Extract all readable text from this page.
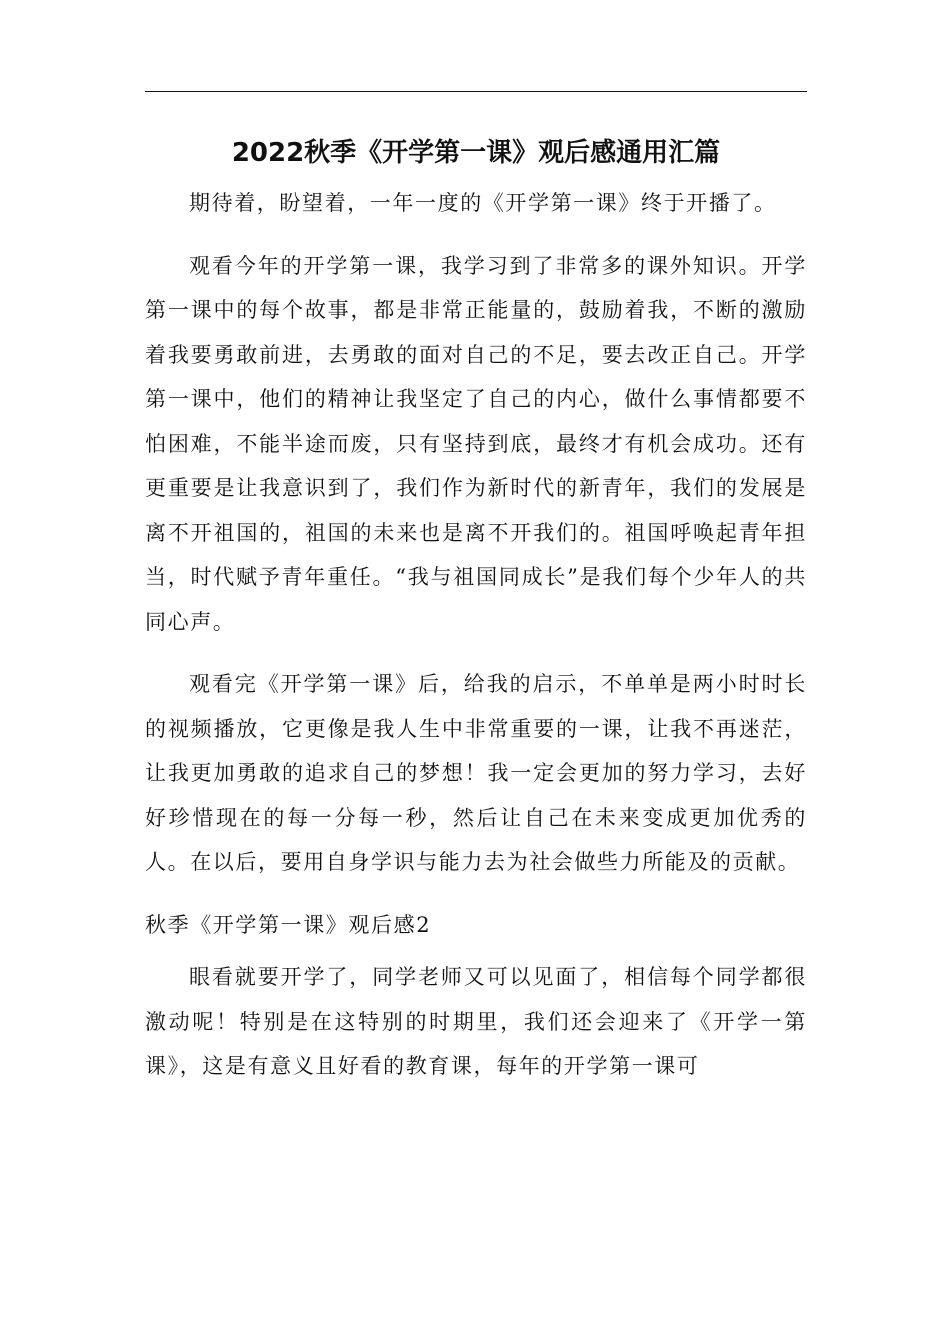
2022秋季《开学第一课》观后感通用汇篇

期待着，盼望着，一年一度的《开学第一课》终于开播了。

观看今年的开学第一课，我学习到了非常多的课外知识。开学第一课中的每个故事，都是非常正能量的，鼓励着我，不断的激励着我要勇敢前进，去勇敢的面对自己的不足，要去改正自己。开学第一课中，他们的精神让我坚定了自己的内心，做什么事情都要不怕困难，不能半途而废，只有坚持到底，最终才有机会成功。还有更重要是让我意识到了，我们作为新时代的新青年，我们的发展是离不开祖国的，祖国的未来也是离不开我们的。祖国呼唤起青年担当，时代赋予青年重任。“我与祖国同成长”是我们每个少年人的共同心声。

观看完《开学第一课》后，给我的启示，不单单是两小时时长的视频播放，它更像是我人生中非常重要的一课，让我不再迷茫，让我更加勇敢的追求自己的梦想！我一定会更加的努力学习，去好好珍惜现在的每一分每一秒，然后让自己在未来变成更加优秀的人。在以后，要用自身学识与能力去为社会做些力所能及的贡献。

秋季《开学第一课》观后感2

眼看就要开学了，同学老师又可以见面了，相信每个同学都很激动呢！特别是在这特别的时期里，我们还会迎来了《开学一第课》，这是有意义且好看的教育课，每年的开学第一课可
